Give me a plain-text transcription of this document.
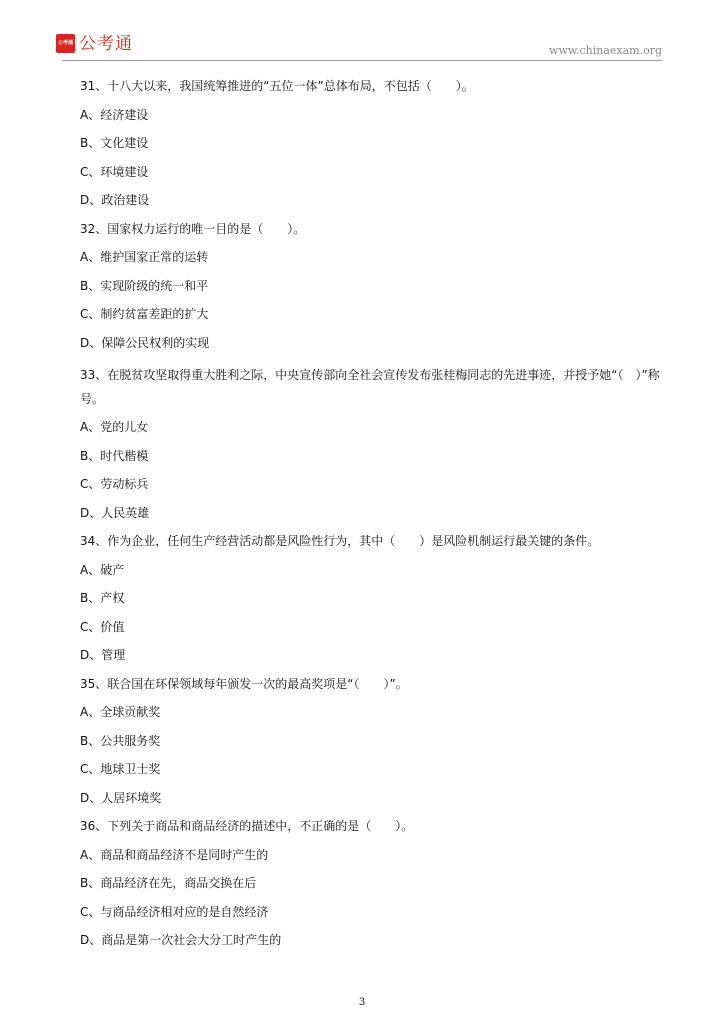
公考通 公考通	www.chinaexam.org
31、十八大以来，我国统筹推进的“五位一体”总体布局，不包括（　　）。
A、经济建设
B、文化建设
C、环境建设
D、政治建设
32、国家权力运行的唯一目的是（　　）。
A、维护国家正常的运转
B、实现阶级的统一和平
C、制约贫富差距的扩大
D、保障公民权利的实现
33、在脱贫攻坚取得重大胜利之际，中央宣传部向全社会宣传发布张桂梅同志的先进事迹，并授予她“（　）”称号。
A、党的儿女
B、时代楷模
C、劳动标兵
D、人民英雄
34、作为企业，任何生产经营活动都是风险性行为，其中（　　）是风险机制运行最关键的条件。
A、破产
B、产权
C、价值
D、管理
35、联合国在环保领域每年颁发一次的最高奖项是“（　　）”。
A、全球贡献奖
B、公共服务奖
C、地球卫士奖
D、人居环境奖
36、下列关于商品和商品经济的描述中，不正确的是（　　）。
A、商品和商品经济不是同时产生的
B、商品经济在先，商品交换在后
C、与商品经济相对应的是自然经济
D、商品是第一次社会大分工时产生的
3
